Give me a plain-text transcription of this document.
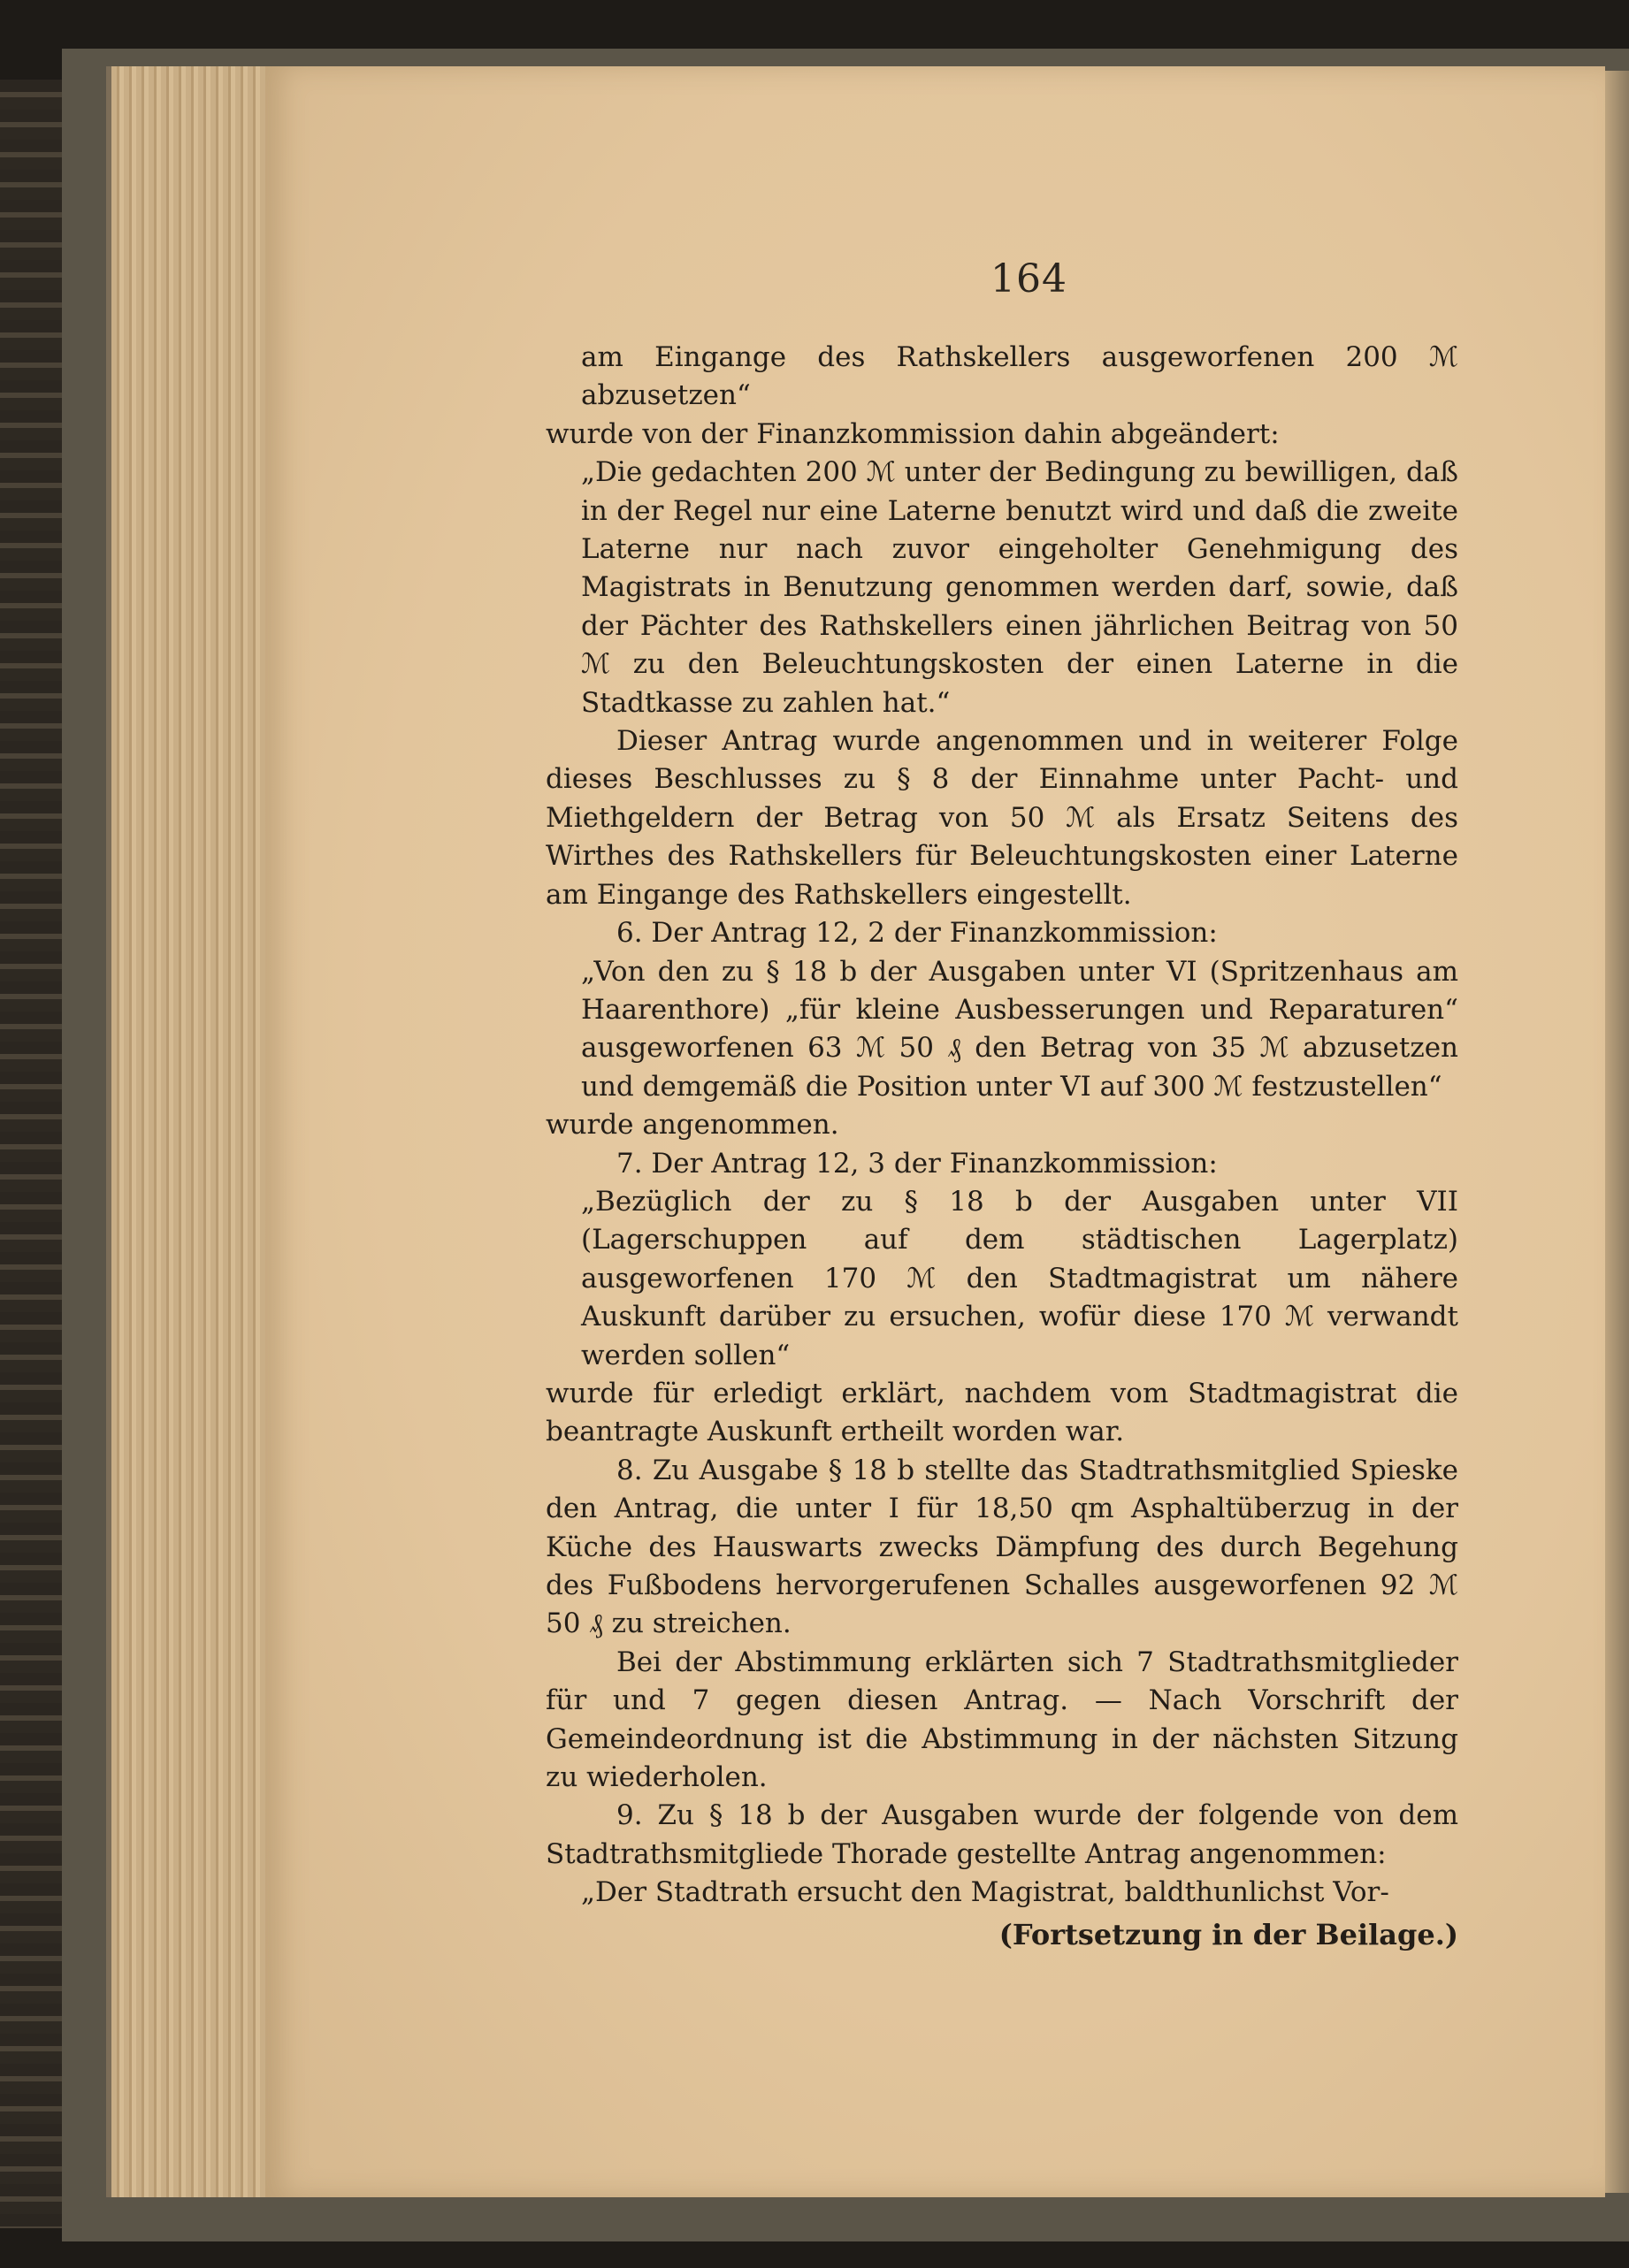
164

am Eingange des Rathskellers ausgeworfenen 200 ℳ abzusetzen“

wurde von der Finanzkommission dahin abgeändert:

„Die gedachten 200 ℳ unter der Bedingung zu bewilligen, daß in der Regel nur eine Laterne benutzt wird und daß die zweite Laterne nur nach zuvor eingeholter Genehmigung des Magistrats in Benutzung genommen werden darf, sowie, daß der Pächter des Rathskellers einen jährlichen Beitrag von 50 ℳ zu den Beleuchtungskosten der einen Laterne in die Stadtkasse zu zahlen hat.“

Dieser Antrag wurde angenommen und in weiterer Folge dieses Beschlusses zu § 8 der Einnahme unter Pacht- und Miethgeldern der Betrag von 50 ℳ als Ersatz Seitens des Wirthes des Rathskellers für Beleuchtungskosten einer Laterne am Eingange des Rathskellers eingestellt.

6. Der Antrag 12, 2 der Finanzkommission:

„Von den zu § 18 b der Ausgaben unter VI (Spritzenhaus am Haarenthore) „für kleine Ausbesserungen und Reparaturen“ ausgeworfenen 63 ℳ 50 ₰ den Betrag von 35 ℳ abzusetzen und demgemäß die Position unter VI auf 300 ℳ festzustellen“

wurde angenommen.

7. Der Antrag 12, 3 der Finanzkommission:

„Bezüglich der zu § 18 b der Ausgaben unter VII (Lagerschuppen auf dem städtischen Lagerplatz) ausgeworfenen 170 ℳ den Stadtmagistrat um nähere Auskunft darüber zu ersuchen, wofür diese 170 ℳ verwandt werden sollen“

wurde für erledigt erklärt, nachdem vom Stadtmagistrat die beantragte Auskunft ertheilt worden war.

8. Zu Ausgabe § 18 b stellte das Stadtrathsmitglied Spieske den Antrag, die unter I für 18,50 qm Asphaltüberzug in der Küche des Hauswarts zwecks Dämpfung des durch Begehung des Fußbodens hervorgerufenen Schalles ausgeworfenen 92 ℳ 50 ₰ zu streichen.

Bei der Abstimmung erklärten sich 7 Stadtrathsmitglieder für und 7 gegen diesen Antrag. — Nach Vorschrift der Gemeindeordnung ist die Abstimmung in der nächsten Sitzung zu wiederholen.

9. Zu § 18 b der Ausgaben wurde der folgende von dem Stadtrathsmitgliede Thorade gestellte Antrag angenommen:

„Der Stadtrath ersucht den Magistrat, baldthunlichst Vor-

(Fortsetzung in der Beilage.)
